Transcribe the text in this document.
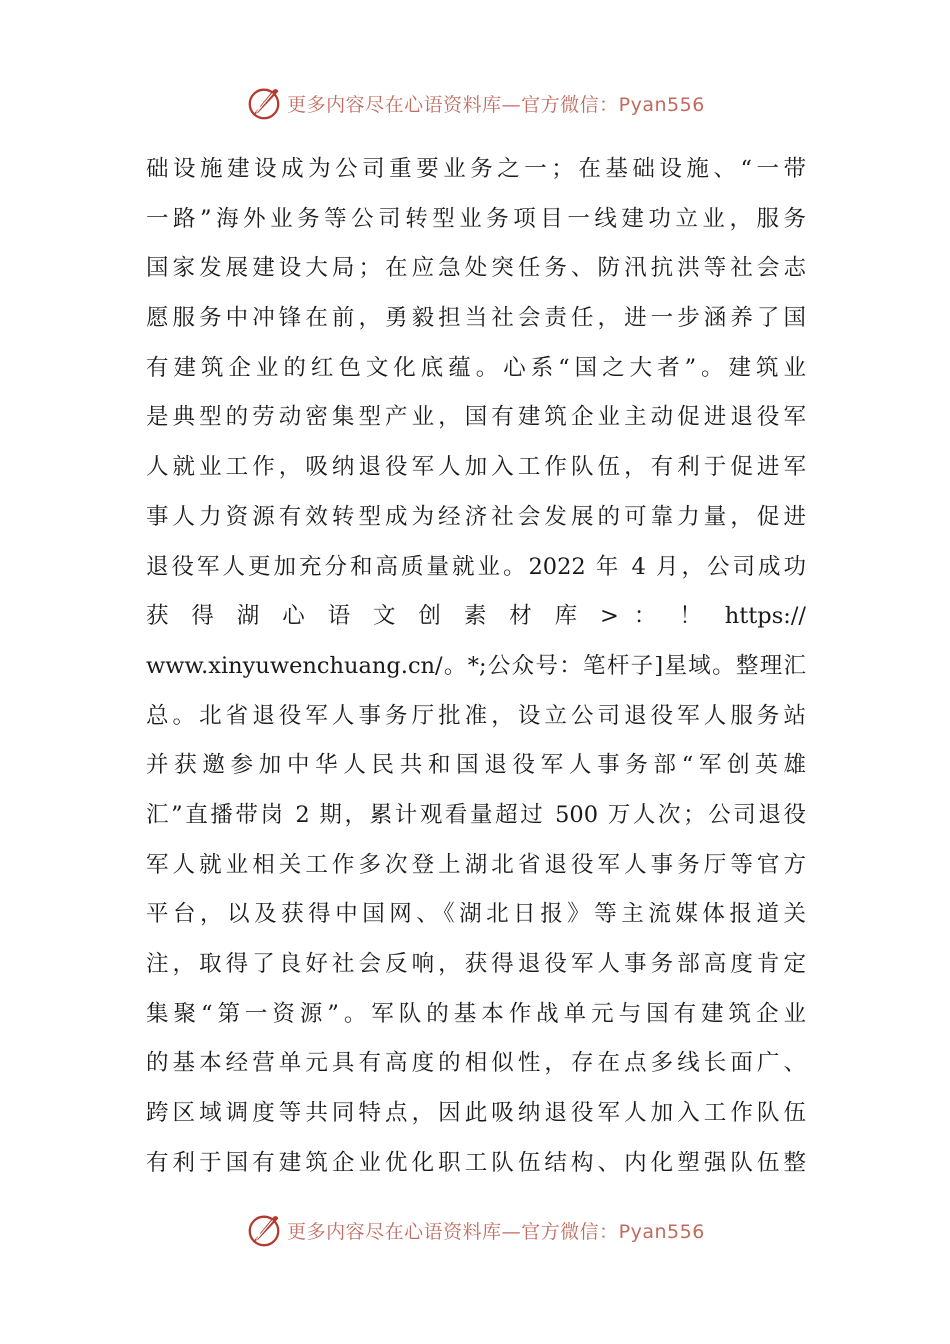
更多内容尽在心语资料库—官方微信：Pyan556
础设施建设成为公司重要业务之一；在基础设施、“一带
一路”海外业务等公司转型业务项目一线建功立业，服务
国家发展建设大局；在应急处突任务、防汛抗洪等社会志
愿服务中冲锋在前，勇毅担当社会责任，进一步涵养了国
有建筑企业的红色文化底蕴。心系“国之大者”。建筑业
是典型的劳动密集型产业，国有建筑企业主动促进退役军
人就业工作，吸纳退役军人加入工作队伍，有利于促进军
事人力资源有效转型成为经济社会发展的可靠力量，促进
退役军人更加充分和高质量就业。2022 年 4 月，公司成功
获 得 湖 心 语 文 创 素 材 库 > ： ！ https://
www.xinyuwenchuang.cn/。*;公众号：笔杆子]星域。整理汇
总。北省退役军人事务厅批准，设立公司退役军人服务站
并获邀参加中华人民共和国退役军人事务部“军创英雄
汇”直播带岗 2 期，累计观看量超过 500 万人次；公司退役
军人就业相关工作多次登上湖北省退役军人事务厅等官方
平台，以及获得中国网、《湖北日报》等主流媒体报道关
注，取得了良好社会反响，获得退役军人事务部高度肯定
集聚“第一资源”。军队的基本作战单元与国有建筑企业
的基本经营单元具有高度的相似性，存在点多线长面广、
跨区域调度等共同特点，因此吸纳退役军人加入工作队伍
有利于国有建筑企业优化职工队伍结构、内化塑强队伍整
更多内容尽在心语资料库—官方微信：Pyan556
